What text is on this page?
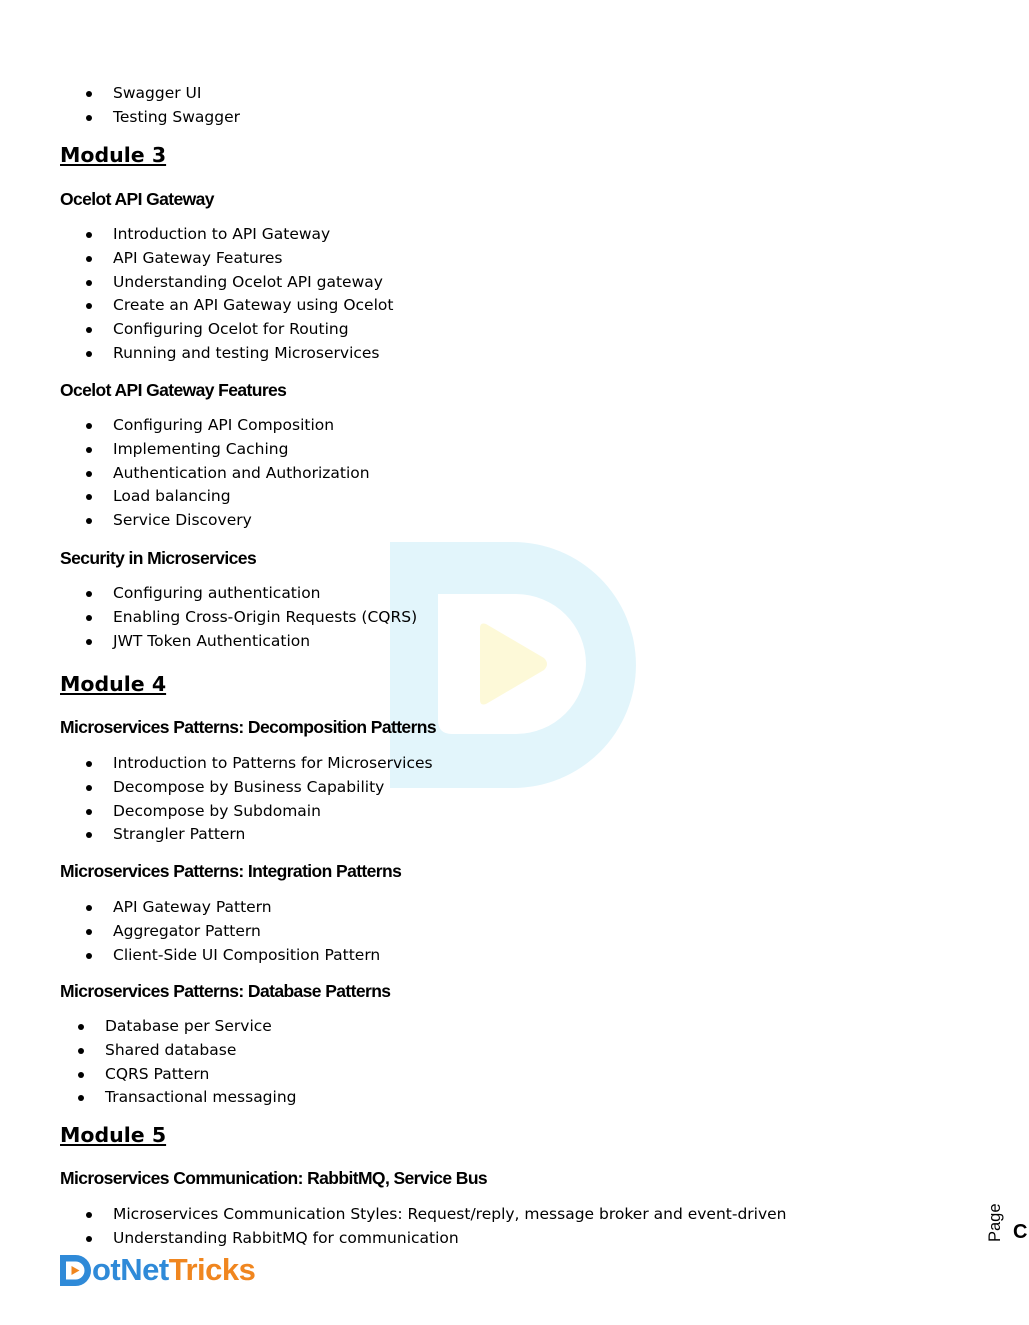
Swagger UI
Testing Swagger
Module 3
Ocelot API Gateway
Introduction to API Gateway
API Gateway Features
Understanding Ocelot API gateway
Create an API Gateway using Ocelot
Configuring Ocelot for Routing
Running and testing Microservices
Ocelot API Gateway Features
Configuring API Composition
Implementing Caching
Authentication and Authorization
Load balancing
Service Discovery
Security in Microservices
Configuring authentication
Enabling Cross-Origin Requests (CQRS)
JWT Token Authentication
Module 4
Microservices Patterns: Decomposition Patterns
Introduction to Patterns for Microservices
Decompose by Business Capability
Decompose by Subdomain
Strangler Pattern
Microservices Patterns: Integration Patterns
API Gateway Pattern
Aggregator Pattern
Client-Side UI Composition Pattern
Microservices Patterns: Database Patterns
Database per Service
Shared database
CQRS Pattern
Transactional messaging
Module 5
Microservices Communication: RabbitMQ, Service Bus
Microservices Communication Styles: Request/reply, message broker and event-driven
Understanding RabbitMQ for communication	Page C
otNet Tricks
